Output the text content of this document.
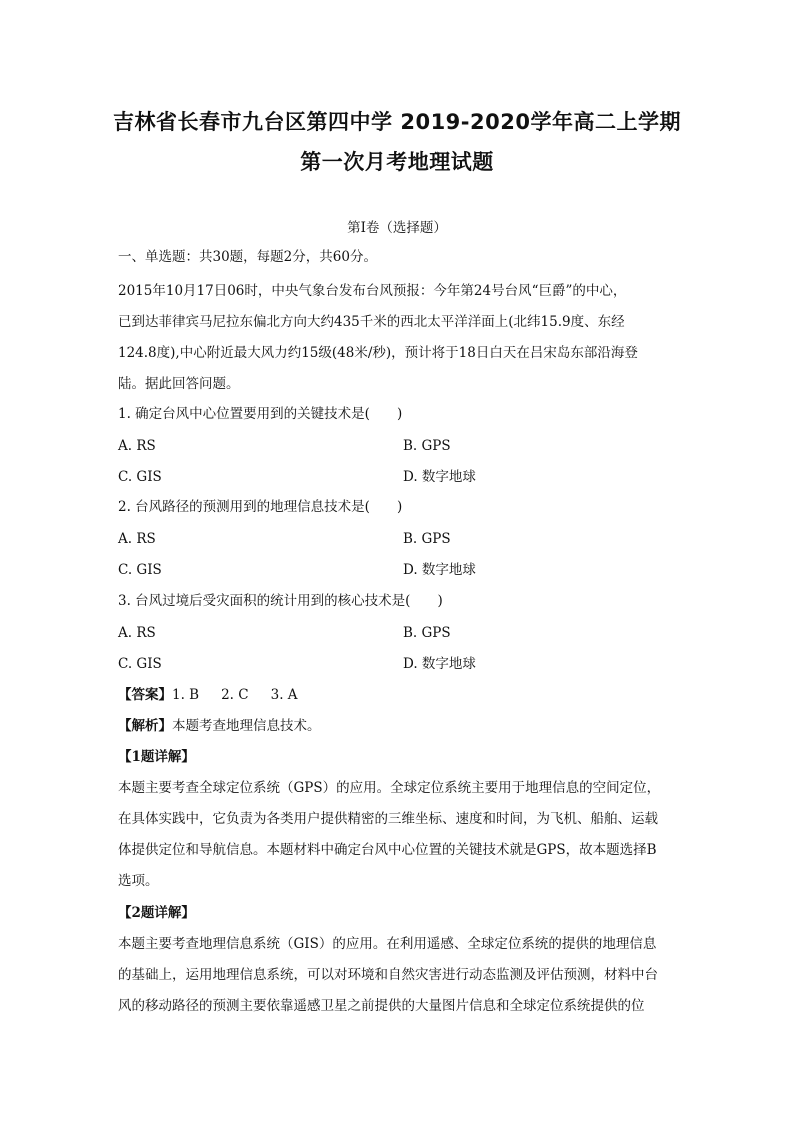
吉林省长春市九台区第四中学 2019-2020学年高二上学期
第一次月考地理试题
第Ⅰ卷（选择题）
一、单选题：共30题，每题2分，共60分。
2015年10月17日06时，中央气象台发布台风预报：今年第24号台风“巨爵”的中心，
已到达菲律宾马尼拉东偏北方向大约435千米的西北太平洋洋面上(北纬15.9度、东经
124.8度),中心附近最大风力约15级(48米/秒)，预计将于18日白天在吕宋岛东部沿海登
陆。据此回答问题。
1. 确定台风中心位置要用到的关键技术是(　　)
A. RS	B. GPS
C. GIS	D. 数字地球
2. 台风路径的预测用到的地理信息技术是(　　)
A. RS	B. GPS
C. GIS	D. 数字地球
3. 台风过境后受灾面积的统计用到的核心技术是(　　)
A. RS	B. GPS
C. GIS	D. 数字地球
【答案】1. B 2. C 3. A
【解析】本题考查地理信息技术。
【1题详解】
本题主要考查全球定位系统（GPS）的应用。全球定位系统主要用于地理信息的空间定位，
在具体实践中，它负责为各类用户提供精密的三维坐标、速度和时间，为飞机、船舶、运载
体提供定位和导航信息。本题材料中确定台风中心位置的关键技术就是GPS，故本题选择B
选项。
【2题详解】
本题主要考查地理信息系统（GIS）的应用。在利用遥感、全球定位系统的提供的地理信息
的基础上，运用地理信息系统，可以对环境和自然灾害进行动态监测及评估预测，材料中台
风的移动路径的预测主要依靠遥感卫星之前提供的大量图片信息和全球定位系统提供的位
